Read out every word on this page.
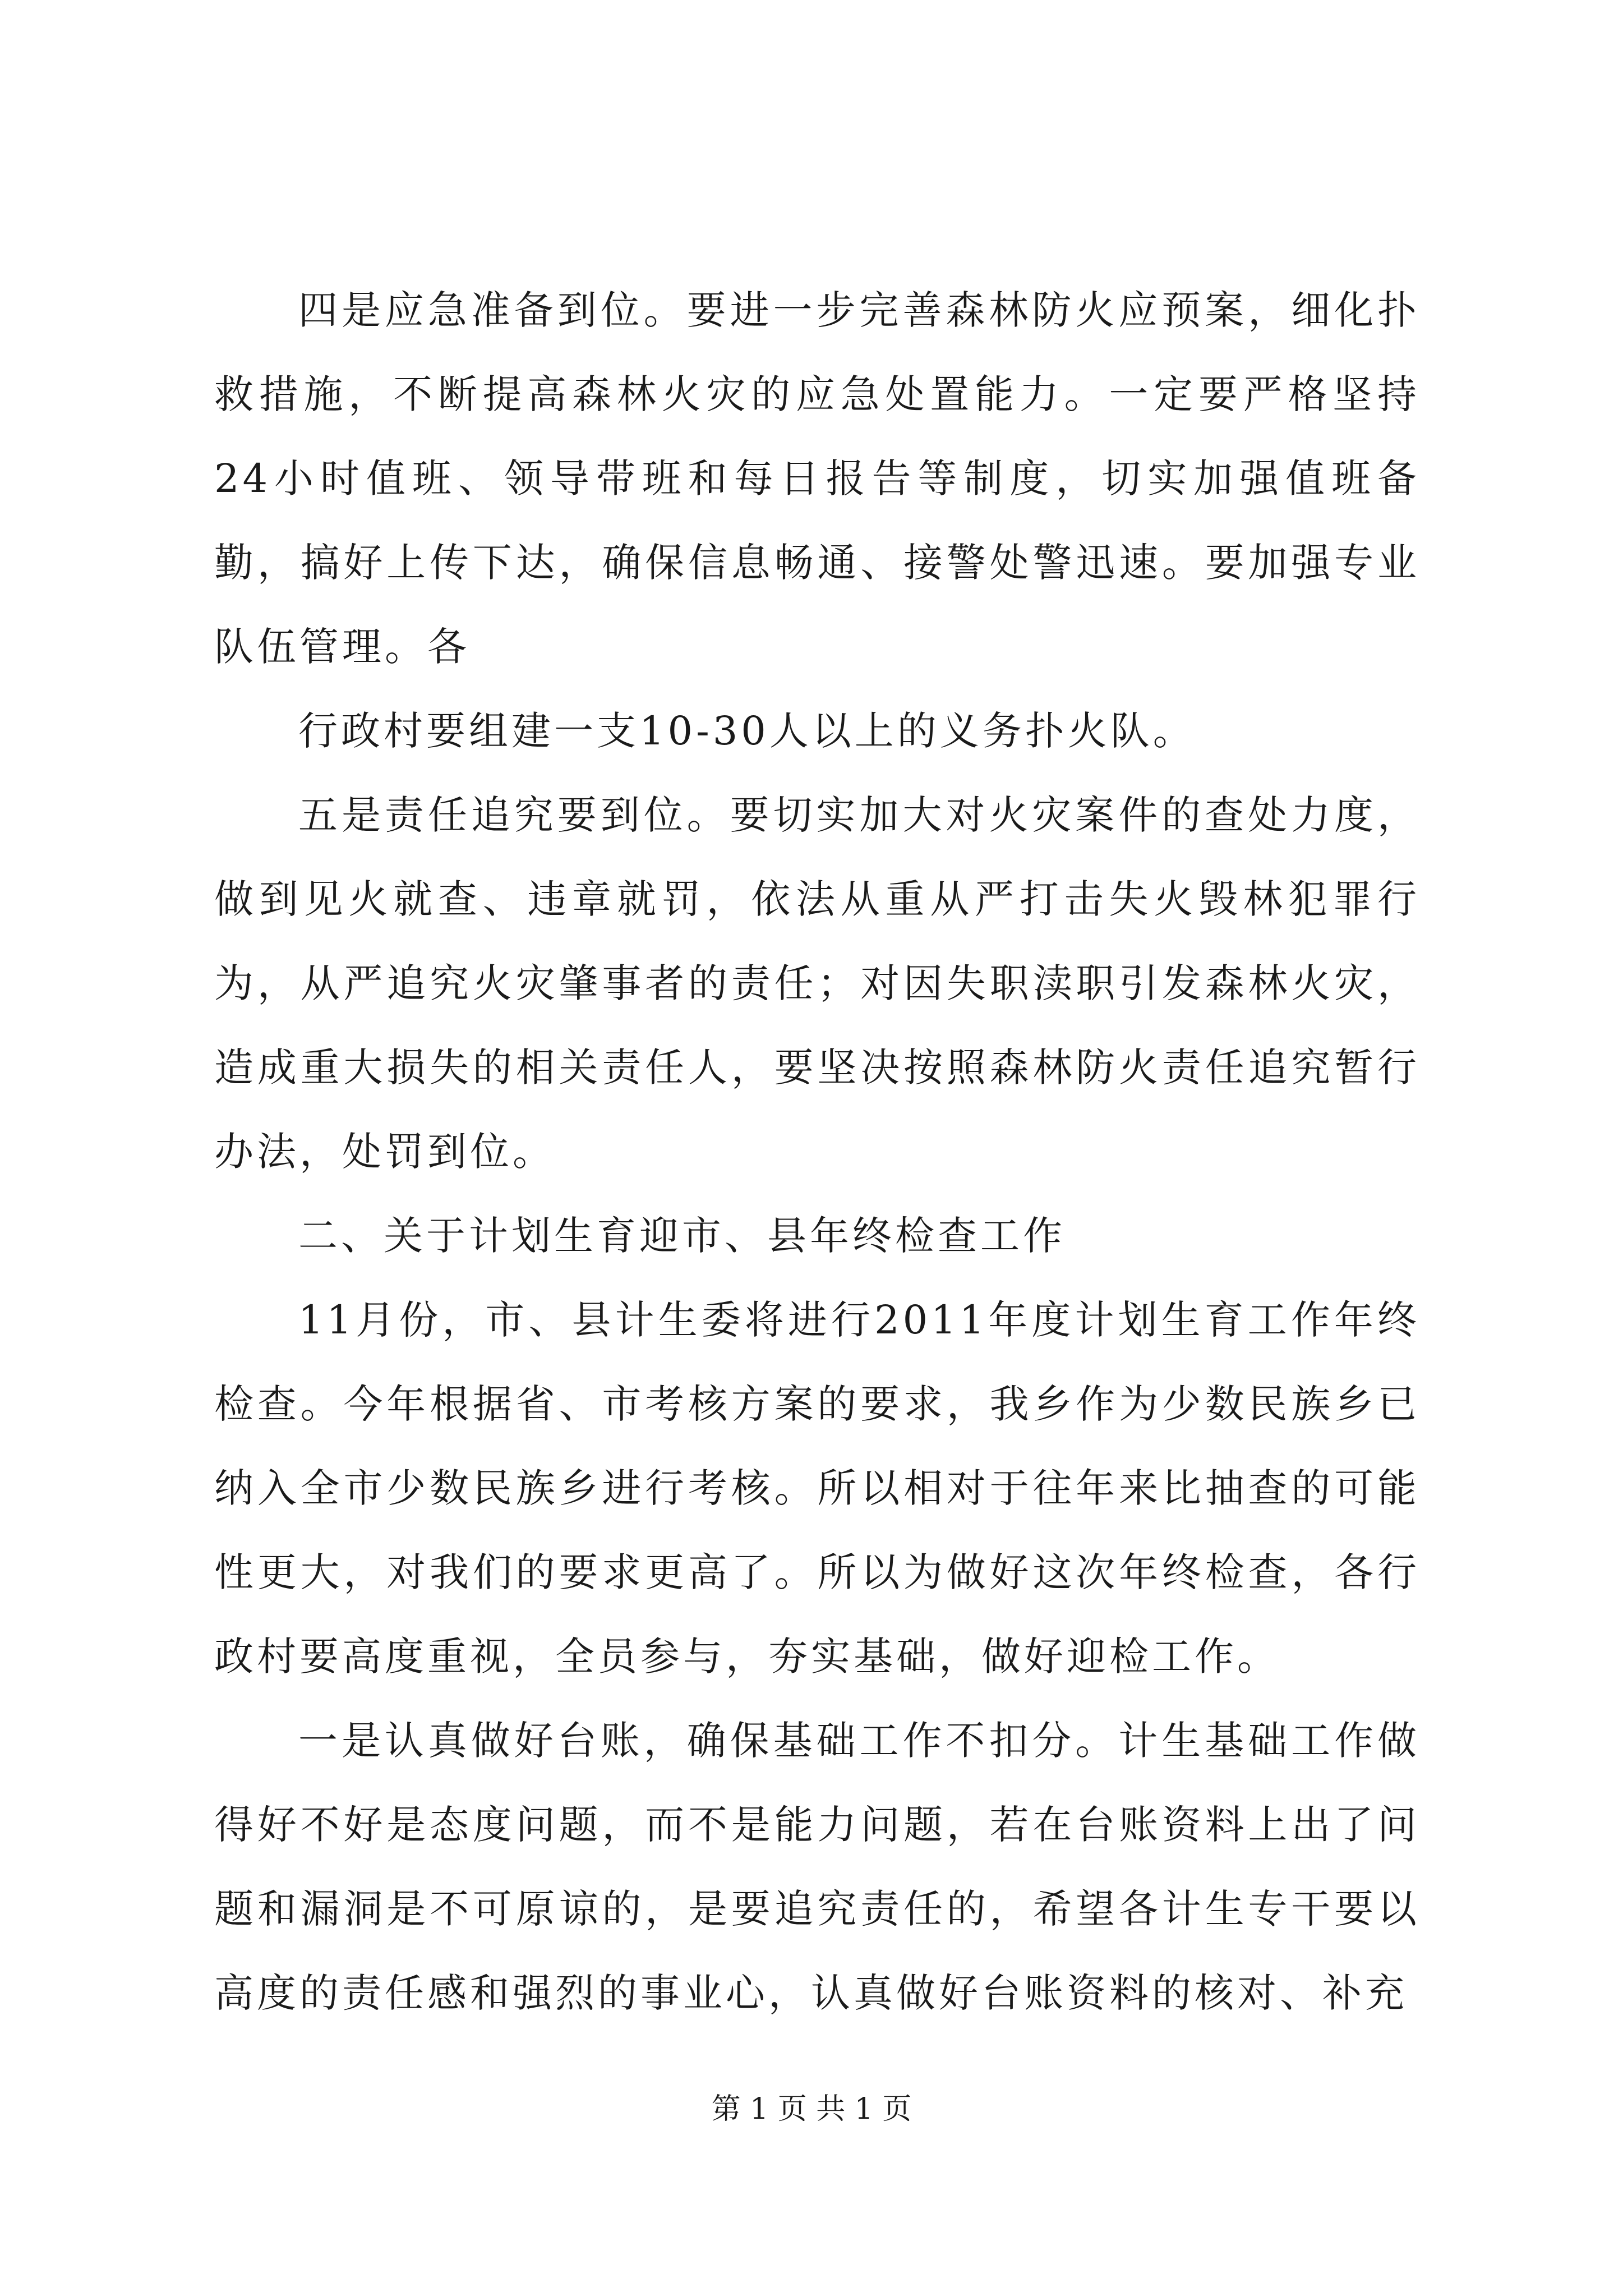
四是应急准备到位。要进一步完善森林防火应预案，细化扑救措施，不断提高森林火灾的应急处置能力。一定要严格坚持24小时值班、领导带班和每日报告等制度，切实加强值班备勤，搞好上传下达，确保信息畅通、接警处警迅速。要加强专业队伍管理。各

行政村要组建一支10-30人以上的义务扑火队。

五是责任追究要到位。要切实加大对火灾案件的查处力度，做到见火就查、违章就罚，依法从重从严打击失火毁林犯罪行为，从严追究火灾肇事者的责任；对因失职渎职引发森林火灾，造成重大损失的相关责任人，要坚决按照森林防火责任追究暂行办法，处罚到位。

二、关于计划生育迎市、县年终检查工作

11月份，市、县计生委将进行2011年度计划生育工作年终检查。今年根据省、市考核方案的要求，我乡作为少数民族乡已纳入全市少数民族乡进行考核。所以相对于往年来比抽查的可能性更大，对我们的要求更高了。所以为做好这次年终检查，各行政村要高度重视，全员参与，夯实基础，做好迎检工作。

一是认真做好台账，确保基础工作不扣分。计生基础工作做得好不好是态度问题，而不是能力问题，若在台账资料上出了问题和漏洞是不可原谅的，是要追究责任的，希望各计生专干要以高度的责任感和强烈的事业心，认真做好台账资料的核对、补充

第 1 页 共 1 页
